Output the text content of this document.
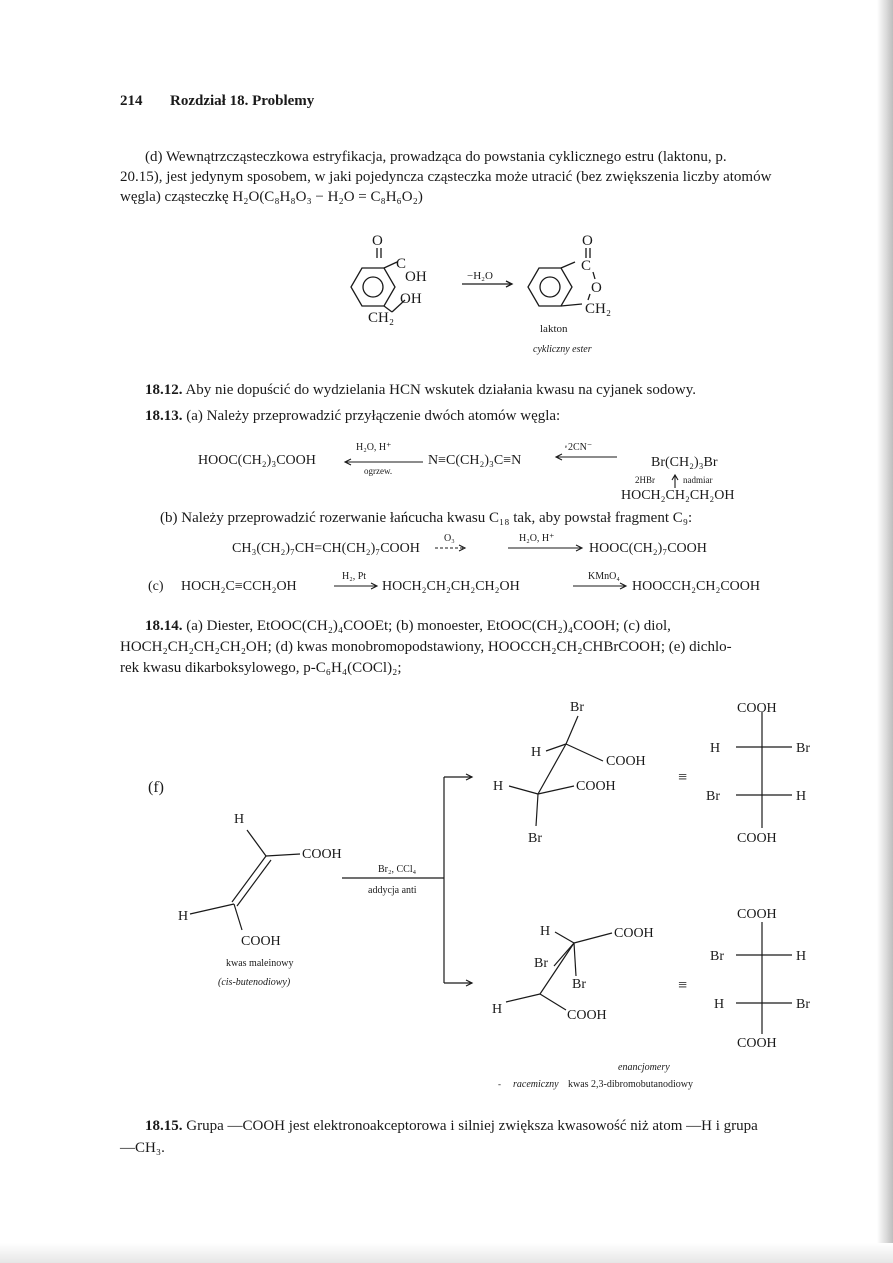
214 Rozdział 18. Problemy
(d) Wewnątrzcząsteczkowa estryfikacja, prowadząca do powstania cyklicznego estru (laktonu, p.
20.15), jest jedynym sposobem, w jaki pojedyncza cząsteczka może utracić (bez zwiększenia liczby atomów
węgla) cząsteczkę H₂O(C₈H₈O₃ − H₂O = C₈H₆O₂)
O
C
OH
OH
CH₂
−H₂O
O
C
O
CH₂
lakton
cykliczny ester
18.12. Aby nie dopuścić do wydzielania HCN wskutek działania kwasu na cyjanek sodowy.
18.13. (a) Należy przeprowadzić przyłączenie dwóch atomów węgla:
HOOC(CH₂)₃COOH
H₂O, H⁺
ogrzew.
N≡C(CH₂)₃C≡N
2CN⁻
Br(CH₂)₃Br
2HBr	nadmiar
HOCH₂CH₂CH₂OH
ᵉ
(b) Należy przeprowadzić rozerwanie łańcucha kwasu C₁₈ tak, aby powstał fragment C₉:
CH₃(CH₂)₇CH=CH(CH₂)₇COOH
O₃	H₂O, H⁺
HOOC(CH₂)₇COOH
(c) HOCH₂C≡CCH₂OH
H₂, Pt
HOCH₂CH₂CH₂CH₂OH
KMnO₄
HOOCCH₂CH₂COOH
18.14. (a) Diester, EtOOC(CH₂)₄COOEt; (b) monoester, EtOOC(CH₂)₄COOH; (c) diol,
HOCH₂CH₂CH₂CH₂OH; (d) kwas monobromopodstawiony, HOOCCH₂CH₂CHBrCOOH; (e) dichlo-
rek kwasu dikarboksylowego, p-C₆H₄(COCl)₂;
(f)
H
COOH
H
COOH
kwas maleinowy
(cis-butenodiowy)
Br₂, CCl₄
addycja anti
Br
H
COOH
H	COOH
Br
≡
COOH
H	Br
Br	H
COOH
H	COOH
Br
Br
H	COOH
≡
COOH
Br	H
H	Br
COOH
enancjomery
- racemiczny kwas 2,3-dibromobutanodiowy
18.15. Grupa —COOH jest elektronoakceptorowa i silniej zwiększa kwasowość niż atom —H i grupa
—CH₃.
